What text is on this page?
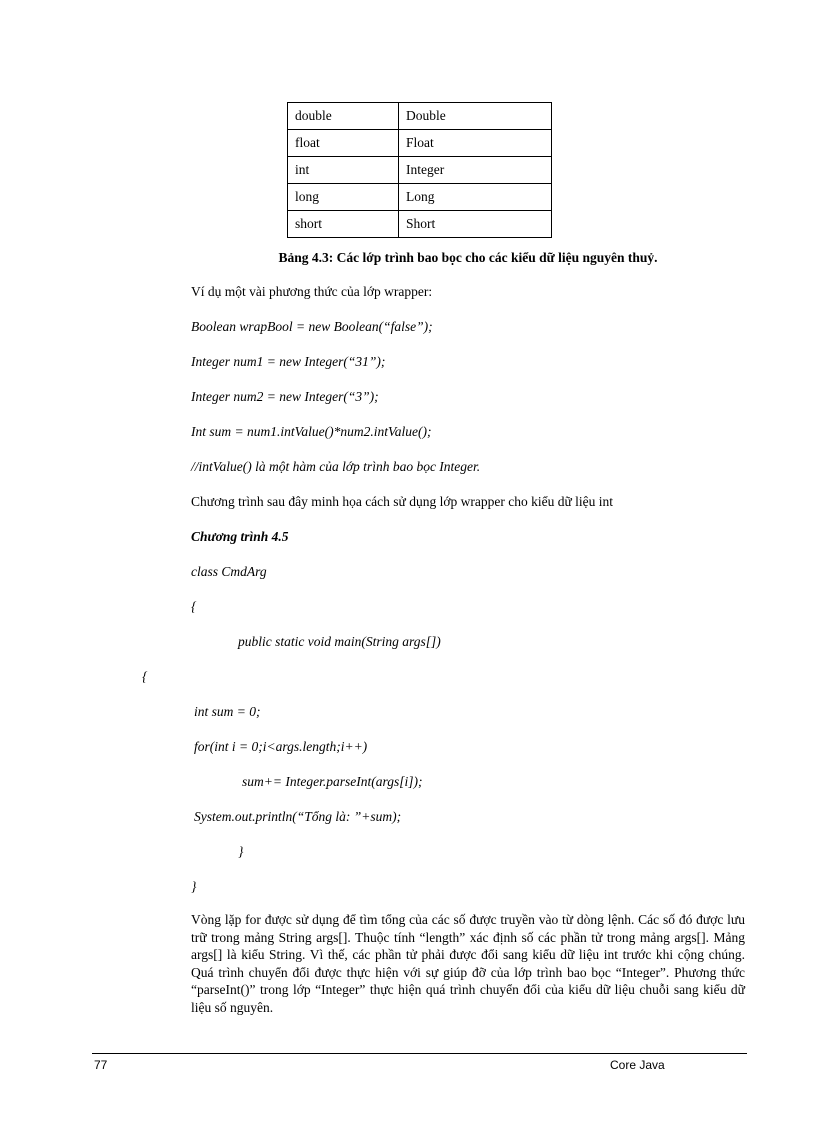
double	Double
float	Float
int	Integer
long	Long
short	Short
Bảng 4.3: Các lớp trình bao bọc cho các kiểu dữ liệu nguyên thuỷ.
Ví dụ một vài phương thức của lớp wrapper:
Boolean wrapBool = new Boolean(“false”);
Integer num1 = new Integer(“31”);
Integer num2 = new Integer(“3”);
Int sum = num1.intValue()*num2.intValue();
//intValue() là một hàm của lớp trình bao bọc Integer.
Chương trình sau đây minh họa cách sử dụng lớp wrapper cho kiểu dữ liệu int
Chương trình 4.5
class CmdArg
{
public static void main(String args[])
{
int sum = 0;
for(int i = 0;i<args.length;i++)
sum+= Integer.parseInt(args[i]);
System.out.println(“Tổng là: ”+sum);
}
}
Vòng lặp for được sử dụng để tìm tổng của các số được truyền vào từ dòng lệnh. Các số đó được lưu trữ trong mảng String args[]. Thuộc tính “length” xác định số các phần tử trong mảng args[]. Mảng args[] là kiểu String. Vì thế, các phần tử phải được đổi sang kiểu dữ liệu int trước khi cộng chúng. Quá trình chuyển đổi được thực hiện với sự giúp đỡ của lớp trình bao bọc “Integer”. Phương thức “parseInt()” trong lớp “Integer” thực hiện quá trình chuyển đổi của kiểu dữ liệu chuỗi sang kiểu dữ liệu số nguyên.
77	Core Java
